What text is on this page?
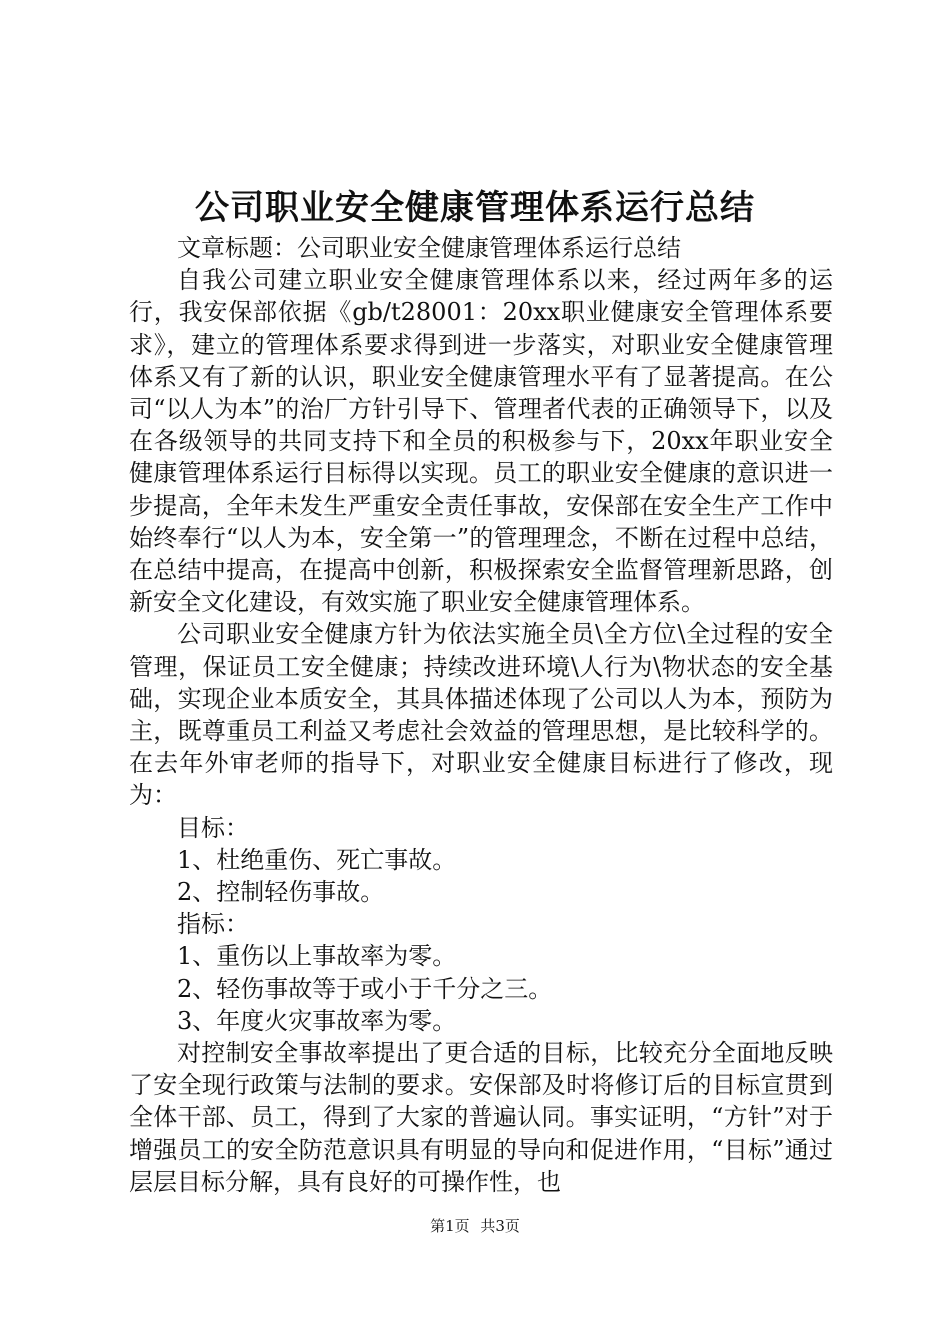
公司职业安全健康管理体系运行总结

文章标题：公司职业安全健康管理体系运行总结

自我公司建立职业安全健康管理体系以来，经过两年多的运行，我安保部依据《gb/t28001：20xx职业健康安全管理体系要求》，建立的管理体系要求得到进一步落实，对职业安全健康管理体系又有了新的认识，职业安全健康管理水平有了显著提高。在公司“以人为本”的治厂方针引导下、管理者代表的正确领导下，以及在各级领导的共同支持下和全员的积极参与下，20xx年职业安全健康管理体系运行目标得以实现。员工的职业安全健康的意识进一步提高，全年未发生严重安全责任事故，安保部在安全生产工作中始终奉行“以人为本，安全第一”的管理理念，不断在过程中总结，在总结中提高，在提高中创新，积极探索安全监督管理新思路，创新安全文化建设，有效实施了职业安全健康管理体系。

公司职业安全健康方针为依法实施全员\全方位\全过程的安全管理，保证员工安全健康；持续改进环境\人行为\物状态的安全基础，实现企业本质安全，其具体描述体现了公司以人为本，预防为主，既尊重员工利益又考虑社会效益的管理思想，是比较科学的。在去年外审老师的指导下，对职业安全健康目标进行了修改，现为：

目标：

1、杜绝重伤、死亡事故。

2、控制轻伤事故。

指标：

1、重伤以上事故率为零。

2、轻伤事故等于或小于千分之三。

3、年度火灾事故率为零。

对控制安全事故率提出了更合适的目标，比较充分全面地反映了安全现行政策与法制的要求。安保部及时将修订后的目标宣贯到全体干部、员工，得到了大家的普遍认同。事实证明，“方针”对于增强员工的安全防范意识具有明显的导向和促进作用，“目标”通过层层目标分解，具有良好的可操作性，也

第1页 共3页
